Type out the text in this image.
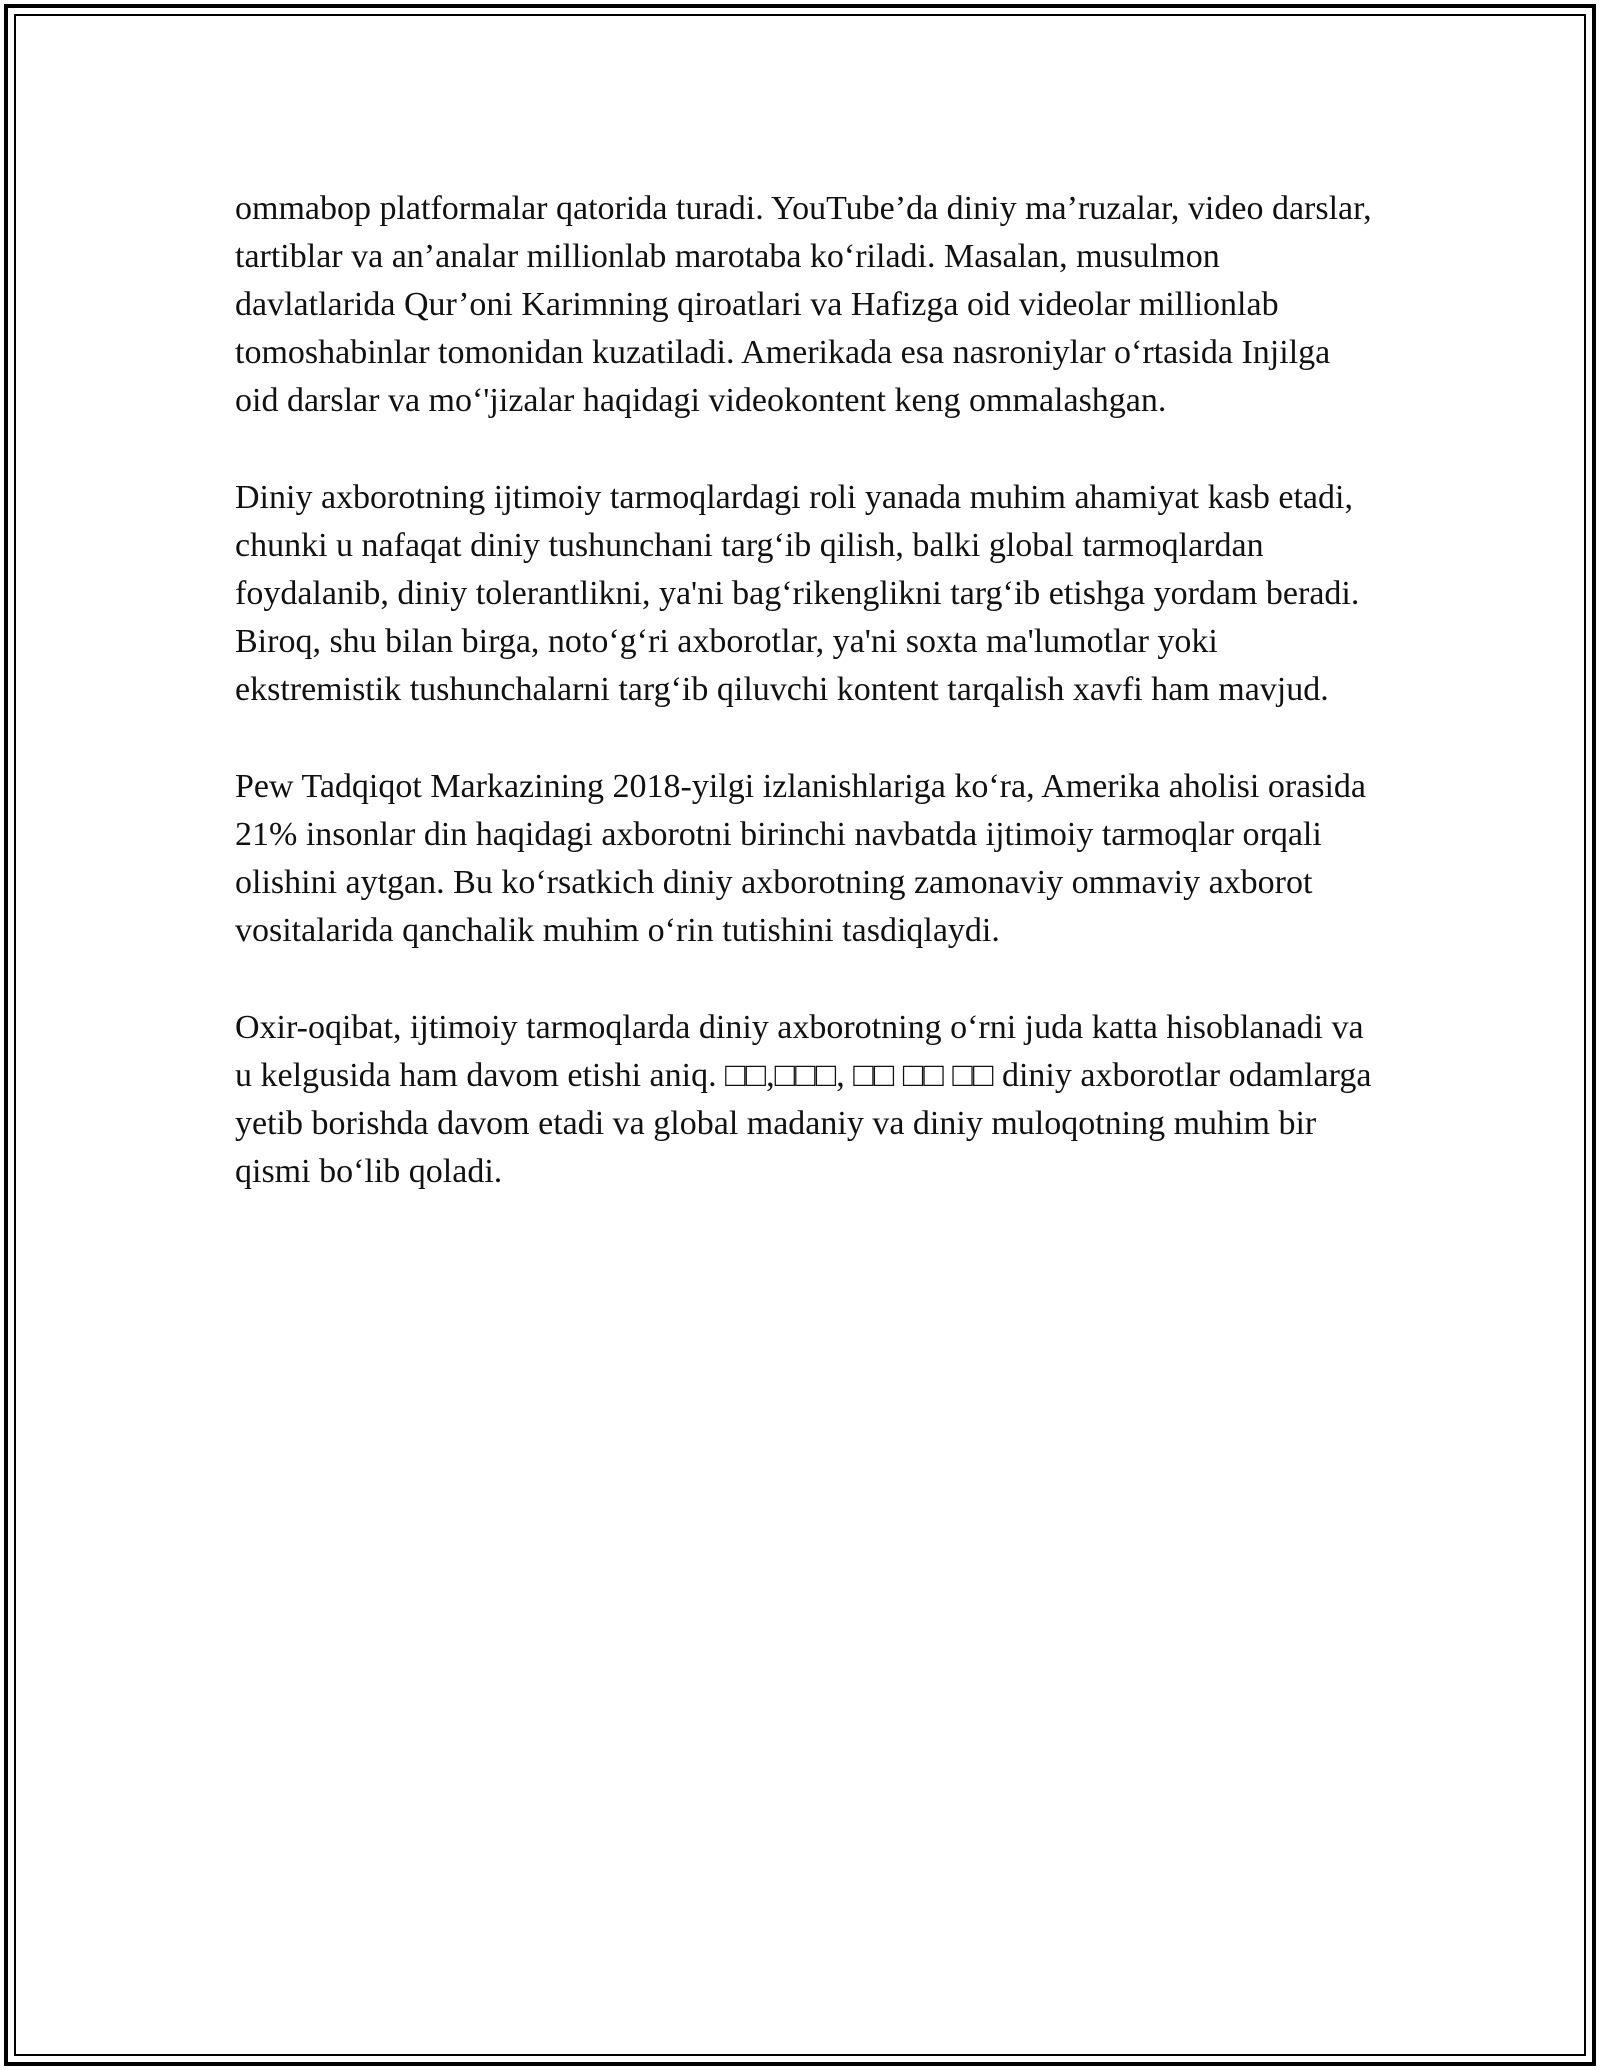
ommabop platformalar qatorida turadi. YouTube’da diniy ma’ruzalar, video darslar, tartiblar va an’analar millionlab marotaba ko‘riladi. Masalan, musulmon davlatlarida Qur’oni Karimning qiroatlari va Hafizga oid videolar millionlab tomoshabinlar tomonidan kuzatiladi. Amerikada esa nasroniylar o‘rtasida Injilga oid darslar va mo‘'jizalar haqidagi videokontent keng ommalashgan.

Diniy axborotning ijtimoiy tarmoqlardagi roli yanada muhim ahamiyat kasb etadi, chunki u nafaqat diniy tushunchani targ‘ib qilish, balki global tarmoqlardan foydalanib, diniy tolerantlikni, ya'ni bag‘rikenglikni targ‘ib etishga yordam beradi. Biroq, shu bilan birga, noto‘g‘ri axborotlar, ya'ni soxta ma'lumotlar yoki ekstremistik tushunchalarni targ‘ib qiluvchi kontent tarqalish xavfi ham mavjud.

Pew Tadqiqot Markazining 2018-yilgi izlanishlariga ko‘ra, Amerika aholisi orasida 21% insonlar din haqidagi axborotni birinchi navbatda ijtimoiy tarmoqlar orqali olishini aytgan. Bu ko‘rsatkich diniy axborotning zamonaviy ommaviy axborot vositalarida qanchalik muhim o‘rin tutishini tasdiqlaydi.

Oxir-oqibat, ijtimoiy tarmoqlarda diniy axborotning o‘rni juda katta hisoblanadi va u kelgusida ham davom etishi aniq. □□,□□□, □□ □□ □□ diniy axborotlar odamlarga yetib borishda davom etadi va global madaniy va diniy muloqotning muhim bir qismi bo‘lib qoladi.
